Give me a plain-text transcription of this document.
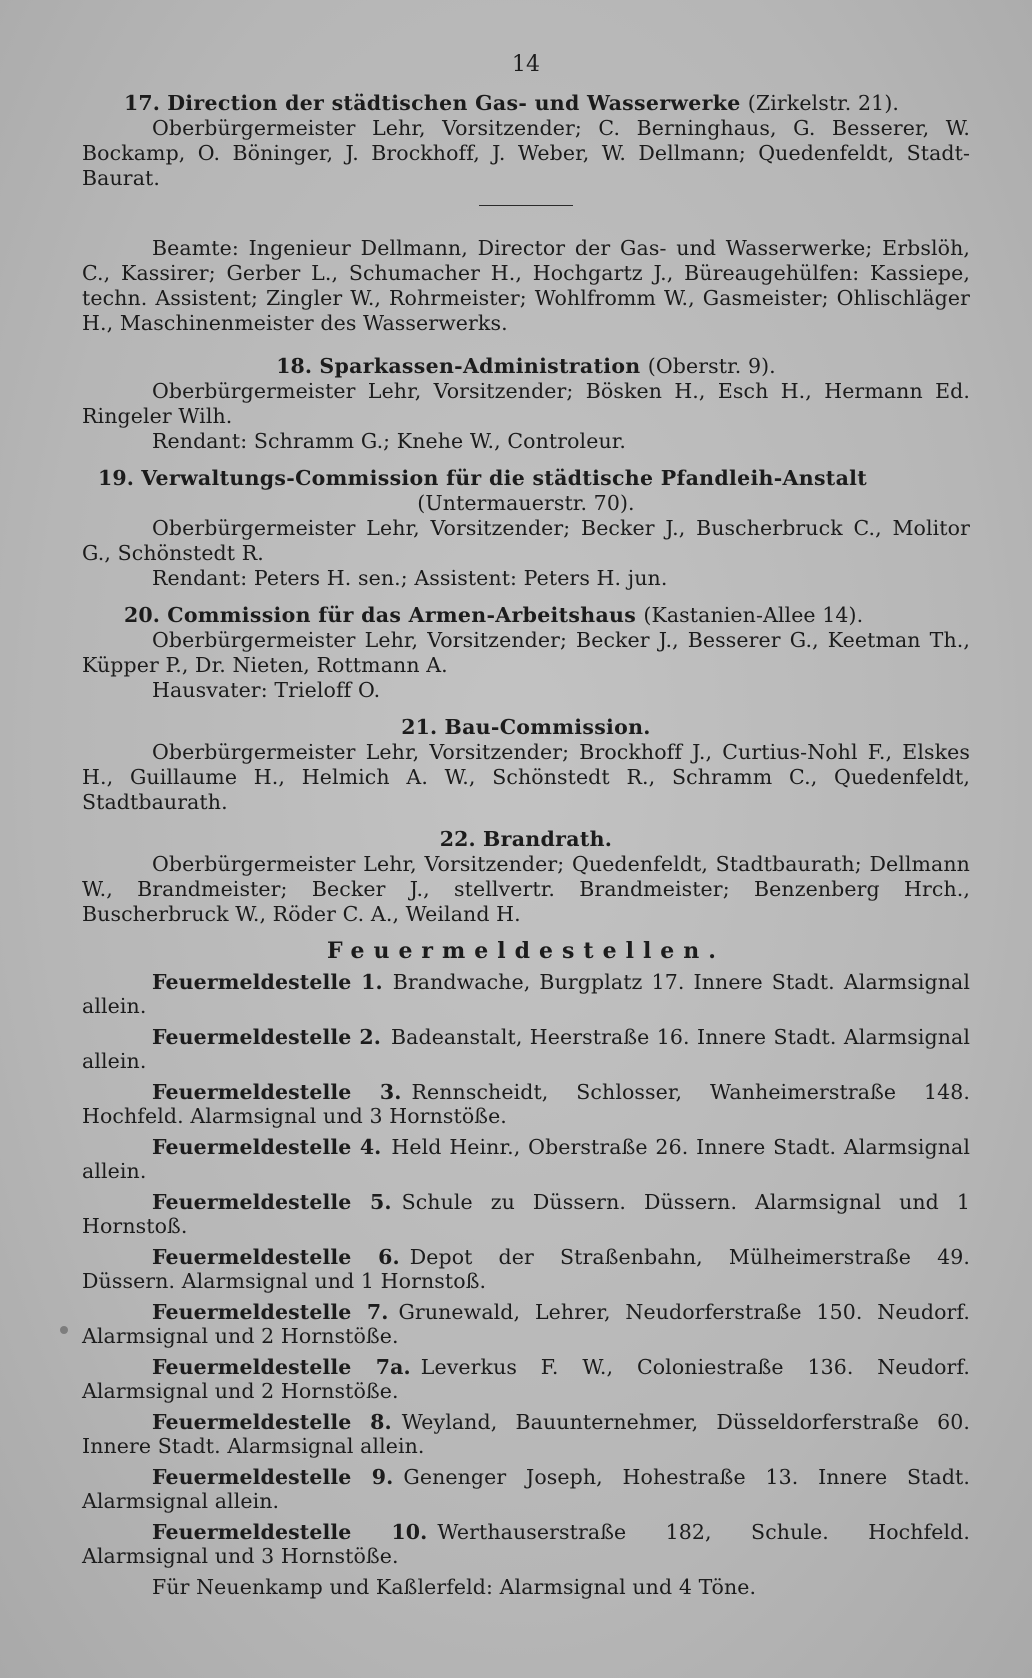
14

17. Direction der städtischen Gas- und Wasserwerke (Zirkelstr. 21).

Oberbürgermeister Lehr, Vorsitzender; C. Berninghaus, G. Besserer, W. Bockamp, O. Böninger, J. Brockhoff, J. Weber, W. Dellmann; Quedenfeldt, Stadt-Baurat.

Beamte: Ingenieur Dellmann, Director der Gas- und Wasserwerke; Erbslöh, C., Kassirer; Gerber L., Schumacher H., Hochgartz J., Büreaugehülfen: Kassiepe, techn. Assistent; Zingler W., Rohrmeister; Wohlfromm W., Gasmeister; Ohlischläger H., Maschinenmeister des Wasserwerks.

18. Sparkassen-Administration (Oberstr. 9).

Oberbürgermeister Lehr, Vorsitzender; Bösken H., Esch H., Hermann Ed. Ringeler Wilh.

Rendant: Schramm G.; Knehe W., Controleur.

19. Verwaltungs-Commission für die städtische Pfandleih-Anstalt
(Untermauerstr. 70).

Oberbürgermeister Lehr, Vorsitzender; Becker J., Buscherbruck C., Molitor G., Schönstedt R.

Rendant: Peters H. sen.; Assistent: Peters H. jun.

20. Commission für das Armen-Arbeitshaus (Kastanien-Allee 14).

Oberbürgermeister Lehr, Vorsitzender; Becker J., Besserer G., Keetman Th., Küpper P., Dr. Nieten, Rottmann A.

Hausvater: Trieloff O.

21. Bau-Commission.

Oberbürgermeister Lehr, Vorsitzender; Brockhoff J., Curtius-Nohl F., Elskes H., Guillaume H., Helmich A. W., Schönstedt R., Schramm C., Quedenfeldt, Stadtbaurath.

22. Brandrath.

Oberbürgermeister Lehr, Vorsitzender; Quedenfeldt, Stadtbaurath; Dellmann W., Brandmeister; Becker J., stellvertr. Brandmeister; Benzenberg Hrch., Buscherbruck W., Röder C. A., Weiland H.

Feuermeldestellen.

Feuermeldestelle 1. Brandwache, Burgplatz 17. Innere Stadt. Alarmsignal allein.

Feuermeldestelle 2. Badeanstalt, Heerstraße 16. Innere Stadt. Alarmsignal allein.

Feuermeldestelle 3. Rennscheidt, Schlosser, Wanheimerstraße 148. Hochfeld. Alarmsignal und 3 Hornstöße.

Feuermeldestelle 4. Held Heinr., Oberstraße 26. Innere Stadt. Alarmsignal allein.

Feuermeldestelle 5. Schule zu Düssern. Düssern. Alarmsignal und 1 Hornstoß.

Feuermeldestelle 6. Depot der Straßenbahn, Mülheimerstraße 49. Düssern. Alarmsignal und 1 Hornstoß.

Feuermeldestelle 7. Grunewald, Lehrer, Neudorferstraße 150. Neudorf. Alarmsignal und 2 Hornstöße.

Feuermeldestelle 7a. Leverkus F. W., Coloniestraße 136. Neudorf. Alarmsignal und 2 Hornstöße.

Feuermeldestelle 8. Weyland, Bauunternehmer, Düsseldorferstraße 60. Innere Stadt. Alarmsignal allein.

Feuermeldestelle 9. Genenger Joseph, Hohestraße 13. Innere Stadt. Alarmsignal allein.

Feuermeldestelle 10. Werthauserstraße 182, Schule. Hochfeld. Alarmsignal und 3 Hornstöße.

Für Neuenkamp und Kaßlerfeld: Alarmsignal und 4 Töne.
